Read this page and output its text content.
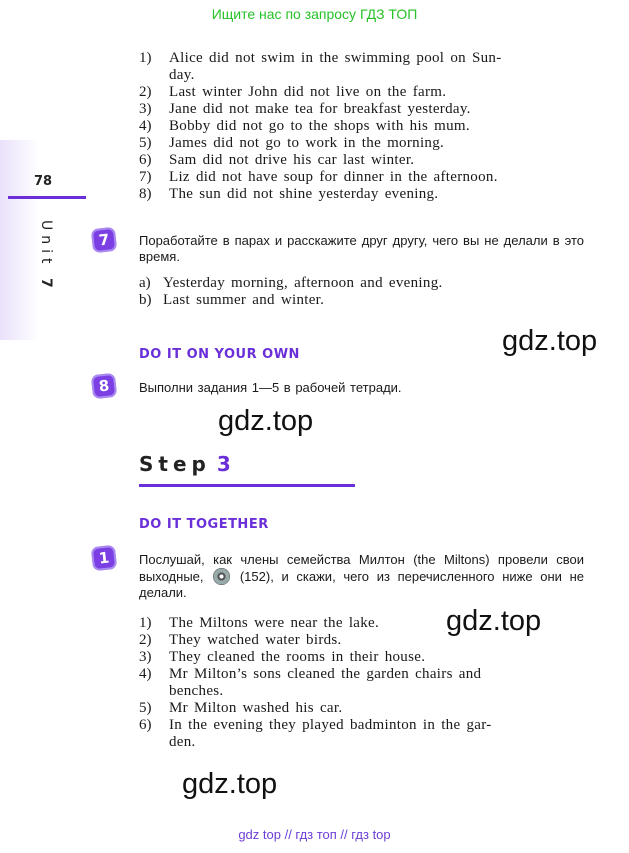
Ищите нас по запросу ГДЗ ТОП
78
Unit 7
1)	Alice did not swim in the swimming pool on Sun-
day.
2)	Last winter John did not live on the farm.
3)	Jane did not make tea for breakfast yesterday.
4)	Bobby did not go to the shops with his mum.
5)	James did not go to work in the morning.
6)	Sam did not drive his car last winter.
7)	Liz did not have soup for dinner in the afternoon.
8)	The sun did not shine yesterday evening.
7	Поработайте в парах и расскажите друг другу, чего вы не делали в это время.
a) Yesterday morning, afternoon and evening.
b) Last summer and winter.
gdz.top
DO IT ON YOUR OWN
8	Выполни задания 1—5 в рабочей тетради.
gdz.top
Step 3
DO IT TOGETHER
1	Послушай, как члены семейства Милтон (the Miltons) провели свои выходные,	(152), и скажи, чего из перечисленного ниже они не делали.
1)	The Miltons were near the lake.
2)	They watched water birds.
3)	They cleaned the rooms in their house.
4)	Mr Milton’s sons cleaned the garden chairs and
benches.
5)	Mr Milton washed his car.
6)	In the evening they played badminton in the gar-
den.
gdz.top
gdz.top
gdz top // гдз топ // гдз top
